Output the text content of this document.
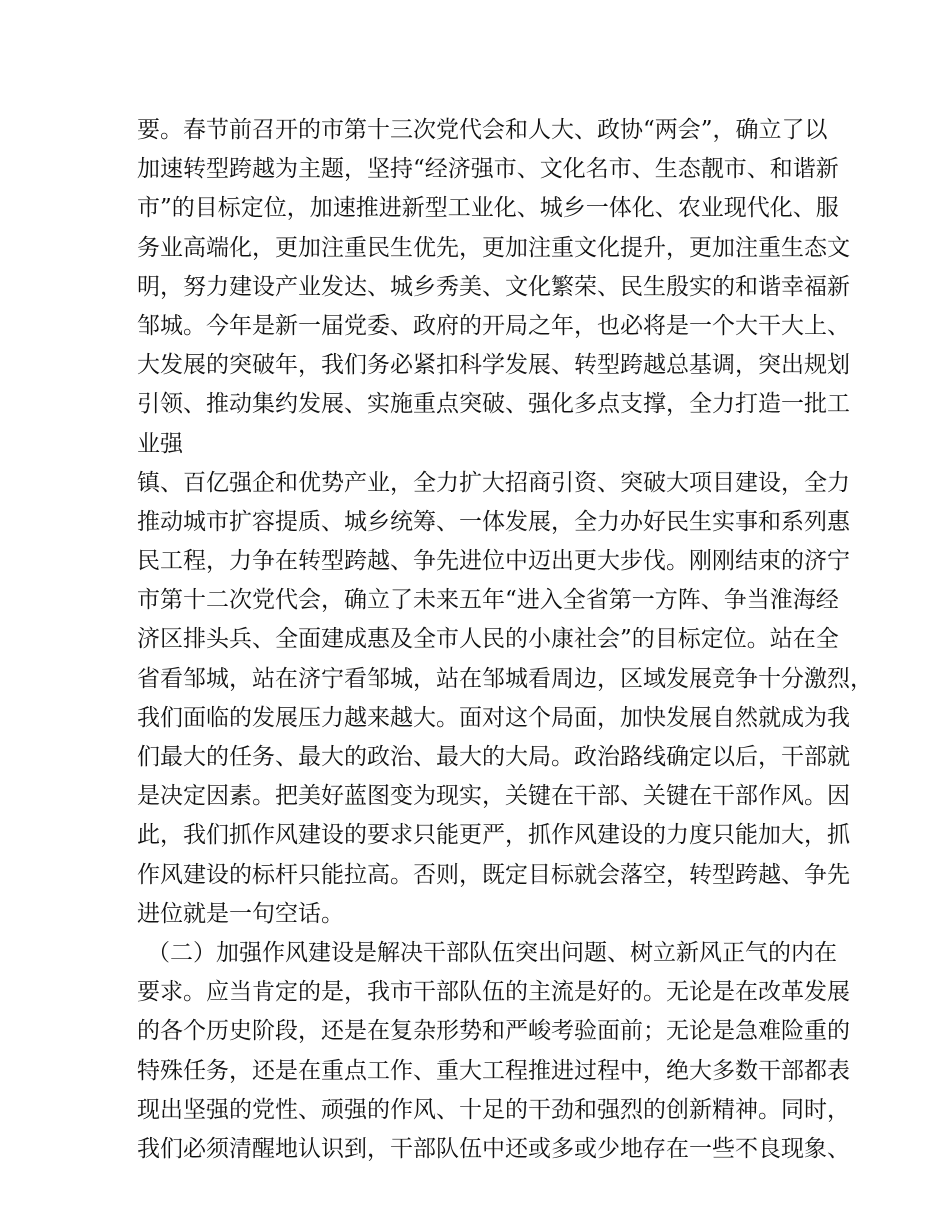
要。春节前召开的市第十三次党代会和人大、政协“两会”，确立了以
加速转型跨越为主题，坚持“经济强市、文化名市、生态靓市、和谐新
市”的目标定位，加速推进新型工业化、城乡一体化、农业现代化、服
务业高端化，更加注重民生优先，更加注重文化提升，更加注重生态文
明，努力建设产业发达、城乡秀美、文化繁荣、民生殷实的和谐幸福新
邹城。今年是新一届党委、政府的开局之年，也必将是一个大干大上、
大发展的突破年，我们务必紧扣科学发展、转型跨越总基调，突出规划
引领、推动集约发展、实施重点突破、强化多点支撑，全力打造一批工
业强
镇、百亿强企和优势产业，全力扩大招商引资、突破大项目建设，全力
推动城市扩容提质、城乡统筹、一体发展，全力办好民生实事和系列惠
民工程，力争在转型跨越、争先进位中迈出更大步伐。刚刚结束的济宁
市第十二次党代会，确立了未来五年“进入全省第一方阵、争当淮海经
济区排头兵、全面建成惠及全市人民的小康社会”的目标定位。站在全
省看邹城，站在济宁看邹城，站在邹城看周边，区域发展竞争十分激烈，
我们面临的发展压力越来越大。面对这个局面，加快发展自然就成为我
们最大的任务、最大的政治、最大的大局。政治路线确定以后，干部就
是决定因素。把美好蓝图变为现实，关键在干部、关键在干部作风。因
此，我们抓作风建设的要求只能更严，抓作风建设的力度只能加大，抓
作风建设的标杆只能拉高。否则，既定目标就会落空，转型跨越、争先
进位就是一句空话。
（二）加强作风建设是解决干部队伍突出问题、树立新风正气的内在
要求。应当肯定的是，我市干部队伍的主流是好的。无论是在改革发展
的各个历史阶段，还是在复杂形势和严峻考验面前；无论是急难险重的
特殊任务，还是在重点工作、重大工程推进过程中，绝大多数干部都表
现出坚强的党性、顽强的作风、十足的干劲和强烈的创新精神。同时，
我们必须清醒地认识到，干部队伍中还或多或少地存在一些不良现象、
